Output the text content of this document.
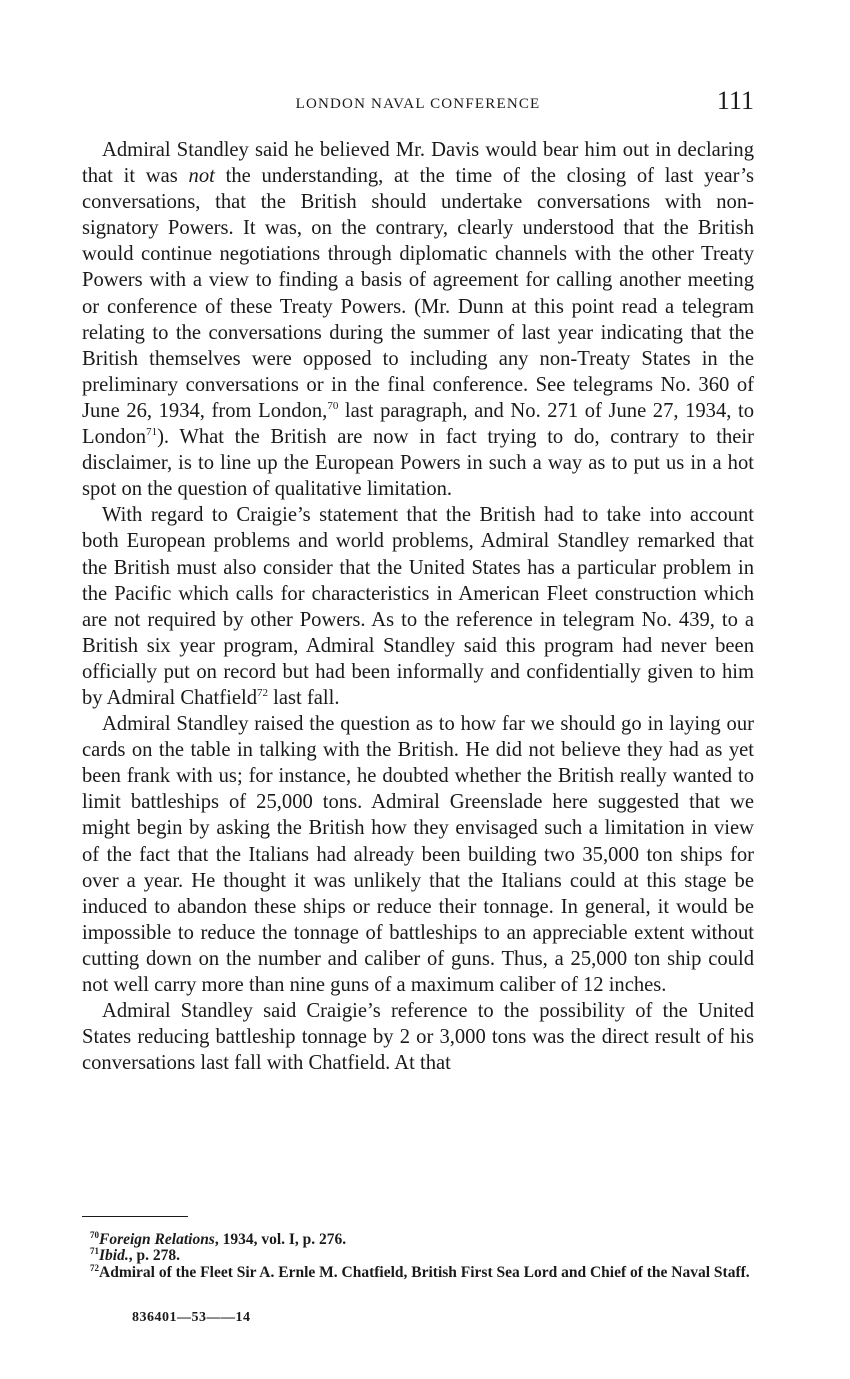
LONDON NAVAL CONFERENCE	111

Admiral Standley said he believed Mr. Davis would bear him out in declaring that it was not the understanding, at the time of the closing of last year’s conversations, that the British should undertake conversations with non-signatory Powers. It was, on the contrary, clearly understood that the British would continue negotiations through diplomatic channels with the other Treaty Powers with a view to finding a basis of agreement for calling another meeting or conference of these Treaty Powers. (Mr. Dunn at this point read a telegram relating to the conversations during the summer of last year indicating that the British themselves were opposed to including any non-Treaty States in the preliminary conversations or in the final conference. See telegrams No. 360 of June 26, 1934, from London,$^{70}$ last paragraph, and No. 271 of June 27, 1934, to London$^{71}$). What the British are now in fact trying to do, contrary to their disclaimer, is to line up the European Powers in such a way as to put us in a hot spot on the question of qualitative limitation.

With regard to Craigie’s statement that the British had to take into account both European problems and world problems, Admiral Standley remarked that the British must also consider that the United States has a particular problem in the Pacific which calls for characteristics in American Fleet construction which are not required by other Powers. As to the reference in telegram No. 439, to a British six year program, Admiral Standley said this program had never been officially put on record but had been informally and confidentially given to him by Admiral Chatfield$^{72}$ last fall.

Admiral Standley raised the question as to how far we should go in laying our cards on the table in talking with the British. He did not believe they had as yet been frank with us; for instance, he doubted whether the British really wanted to limit battleships of 25,000 tons. Admiral Greenslade here suggested that we might begin by asking the British how they envisaged such a limitation in view of the fact that the Italians had already been building two 35,000 ton ships for over a year. He thought it was unlikely that the Italians could at this stage be induced to abandon these ships or reduce their tonnage. In general, it would be impossible to reduce the tonnage of battleships to an appreciable extent without cutting down on the number and caliber of guns. Thus, a 25,000 ton ship could not well carry more than nine guns of a maximum caliber of 12 inches.

Admiral Standley said Craigie’s reference to the possibility of the United States reducing battleship tonnage by 2 or 3,000 tons was the direct result of his conversations last fall with Chatfield. At that

$^{70}$Foreign Relations, 1934, vol. I, p. 276.

$^{71}$Ibid., p. 278.

$^{72}$Admiral of the Fleet Sir A. Ernle M. Chatfield, British First Sea Lord and Chief of the Naval Staff.

836401—53——14
